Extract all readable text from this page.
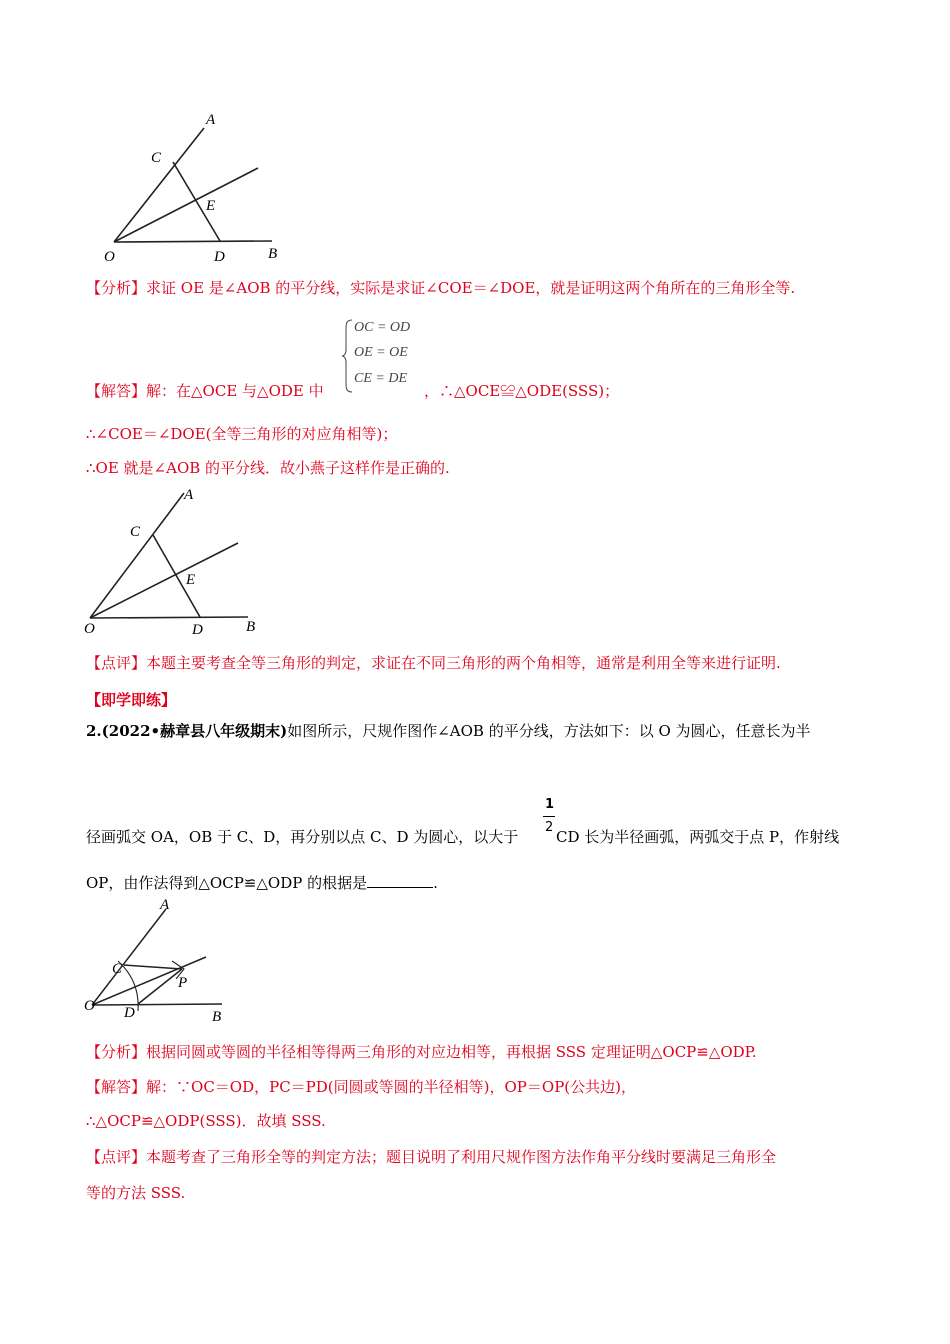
A
C
E
O	D	B
【分析】求证 OE 是∠AOB 的平分线，实际是求证∠COE＝∠DOE，就是证明这两个角所在的三角形全等.
OC = OD
OE = OE
CE = DE
【解答】解：在△OCE 与△ODE 中	，∴△OCE≌△ODE(SSS)；
∴∠COE＝∠DOE(全等三角形的对应角相等)；
∴OE 就是∠AOB 的平分线．故小燕子这样作是正确的.
A
C
E
O	D	B
【点评】本题主要考查全等三角形的判定，求证在不同三角形的两个角相等，通常是利用全等来进行证明.
【即学即练】
2.(2022•赫章县八年级期末)如图所示，尺规作图作∠AOB 的平分线，方法如下：以 O 为圆心，任意长为半
1
2
径画弧交 OA，OB 于 C、D，再分别以点 C、D 为圆心，以大于	CD 长为半径画弧，两弧交于点 P，作射线
OP，由作法得到△OCP≌△ODP 的根据是	.
A
C
P
O D	B
【分析】根据同圆或等圆的半径相等得两三角形的对应边相等，再根据 SSS 定理证明△OCP≌△ODP.
【解答】解：∵OC＝OD，PC＝PD(同圆或等圆的半径相等)，OP＝OP(公共边)，
∴△OCP≌△ODP(SSS)．故填 SSS.
【点评】本题考查了三角形全等的判定方法；题目说明了利用尺规作图方法作角平分线时要满足三角形全
等的方法 SSS.
